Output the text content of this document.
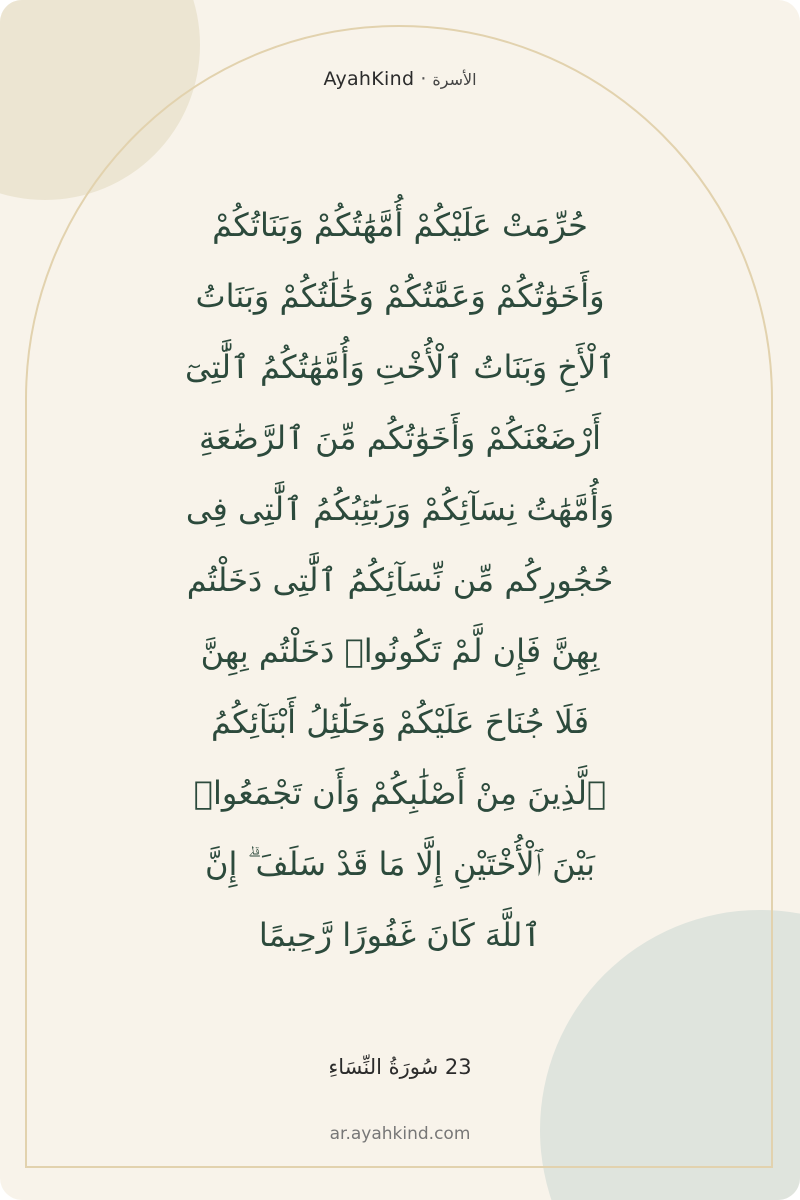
AyahKind · الأسرة
حُرِّمَتْ عَلَيْكُمْ أُمَّهَٰتُكُمْ وَبَنَاتُكُمْ
وَأَخَوَٰتُكُمْ وَعَمَّٰتُكُمْ وَخَٰلَٰتُكُمْ وَبَنَاتُ
ٱلْأَخِ وَبَنَاتُ ٱلْأُخْتِ وَأُمَّهَٰتُكُمُ ٱلَّٰتِىٓ
أَرْضَعْنَكُمْ وَأَخَوَٰتُكُم مِّنَ ٱلرَّضَٰعَةِ
وَأُمَّهَٰتُ نِسَآئِكُمْ وَرَبَٰٓئِبُكُمُ ٱلَّٰتِى فِى
حُجُورِكُم مِّن نِّسَآئِكُمُ ٱلَّٰتِى دَخَلْتُم
بِهِنَّ فَإِن لَّمْ تَكُونُوا۟ دَخَلْتُم بِهِنَّ
فَلَا جُنَاحَ عَلَيْكُمْ وَحَلَٰٓئِلُ أَبْنَآئِكُمُ
ٱلَّذِينَ مِنْ أَصْلَٰبِكُمْ وَأَن تَجْمَعُوا۟
بَيْنَ ٱلْأُخْتَيْنِ إِلَّا مَا قَدْ سَلَفَ ۗ إِنَّ
ٱللَّهَ كَانَ غَفُورًا رَّحِيمًا
سُورَةُ النِّسَاءِ 23
ar.ayahkind.com
